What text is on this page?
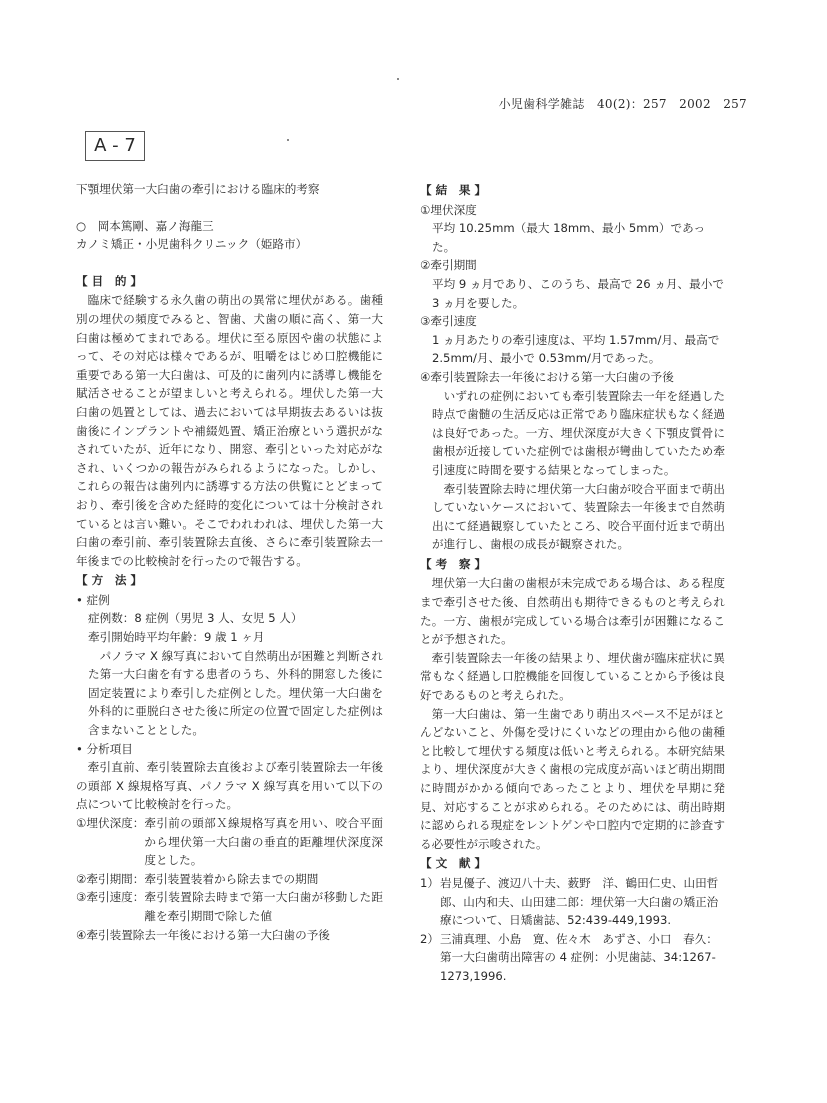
小児歯科学雑誌　40(2)：257　2002　257
A - 7
下顎埋伏第一大臼歯の牽引における臨床的考察
○　岡本篤剛、嘉ノ海龍三
カノミ矯正・小児歯科クリニック（姫路市）
【 目　的 】
臨床で経験する永久歯の萌出の異常に埋伏がある。歯種別の埋伏の頻度でみると、智歯、犬歯の順に高く、第一大臼歯は極めてまれである。埋伏に至る原因や歯の状態によって、その対応は様々であるが、咀嚼をはじめ口腔機能に重要である第一大臼歯は、可及的に歯列内に誘導し機能を賦活させることが望ましいと考えられる。埋伏した第一大臼歯の処置としては、過去においては早期抜去あるいは抜歯後にインプラントや補綴処置、矯正治療という選択がなされていたが、近年になり、開窓、牽引といった対応がなされ、いくつかの報告がみられるようになった。しかし、これらの報告は歯列内に誘導する方法の供覧にとどまっており、牽引後を含めた経時的変化については十分検討されているとは言い難い。そこでわれわれは、埋伏した第一大臼歯の牽引前、牽引装置除去直後、さらに牽引装置除去一年後までの比較検討を行ったので報告する。
【 方　法 】
• 症例
症例数：8 症例（男児 3 人、女児 5 人）
牽引開始時平均年齢：9 歳 1 ヶ月
パノラマ X 線写真において自然萌出が困難と判断された第一大臼歯を有する患者のうち、外科的開窓した後に固定装置により牽引した症例とした。埋伏第一大臼歯を外科的に亜脱臼させた後に所定の位置で固定した症例は含まないこととした。
• 分析項目
牽引直前、牽引装置除去直後および牽引装置除去一年後の頭部 X 線規格写真、パノラマ X 線写真を用いて以下の点について比較検討を行った。
①埋伏深度： 牽引前の頭部Ｘ線規格写真を用い、咬合平面から埋伏第一大臼歯の垂直的距離埋伏深度深度とした。
②牽引期間： 牽引装置装着から除去までの期間
③牽引速度： 牽引装置除去時まで第一大臼歯が移動した距離を牽引期間で除した値
④ 牽引装置除去一年後における第一大臼歯の予後
【 結　果 】
①埋伏深度
平均 10.25mm（最大 18mm、最小 5mm）であった。
②牽引期間
平均 9 ヵ月であり、このうち、最高で 26 ヵ月、最小で 3 ヵ月を要した。
③牽引速度
1 ヵ月あたりの牽引速度は、平均 1.57mm/月、最高で 2.5mm/月、最小で 0.53mm/月であった。
④牽引装置除去一年後における第一大臼歯の予後
いずれの症例においても牽引装置除去一年を経過した時点で歯髄の生活反応は正常であり臨床症状もなく経過は良好であった。一方、埋伏深度が大きく下顎皮質骨に歯根が近接していた症例では歯根が彎曲していたため牽引速度に時間を要する結果となってしまった。
牽引装置除去時に埋伏第一大臼歯が咬合平面まで萌出していないケースにおいて、装置除去一年後まで自然萌出にて経過観察していたところ、咬合平面付近まで萌出が進行し、歯根の成長が観察された。
【 考　察 】
埋伏第一大臼歯の歯根が未完成である場合は、ある程度まで牽引させた後、自然萌出も期待できるものと考えられた。一方、歯根が完成している場合は牽引が困難になることが予想された。
牽引装置除去一年後の結果より、埋伏歯が臨床症状に異常もなく経過し口腔機能を回復していることから予後は良好であるものと考えられた。
第一大臼歯は、第一生歯であり萌出スペース不足がほとんどないこと、外傷を受けにくいなどの理由から他の歯種と比較して埋伏する頻度は低いと考えられる。本研究結果より、埋伏深度が大きく歯根の完成度が高いほど萌出期間に時間がかかる傾向であったことより、埋伏を早期に発見、対応することが求められる。そのためには、萌出時期に認められる現症をレントゲンや口腔内で定期的に診査する必要性が示唆された。
【 文　献 】
1） 岩見優子、渡辺八十夫、薮野　洋、鶴田仁史、山田哲郎、山内和夫、山田建二郎：埋伏第一大臼歯の矯正治療について、日矯歯誌、52:439-449,1993.
2） 三浦真理、小島　寛、佐々木　あずさ、小口　春久：第一大臼歯萌出障害の 4 症例：小児歯誌、34:1267-1273,1996.
